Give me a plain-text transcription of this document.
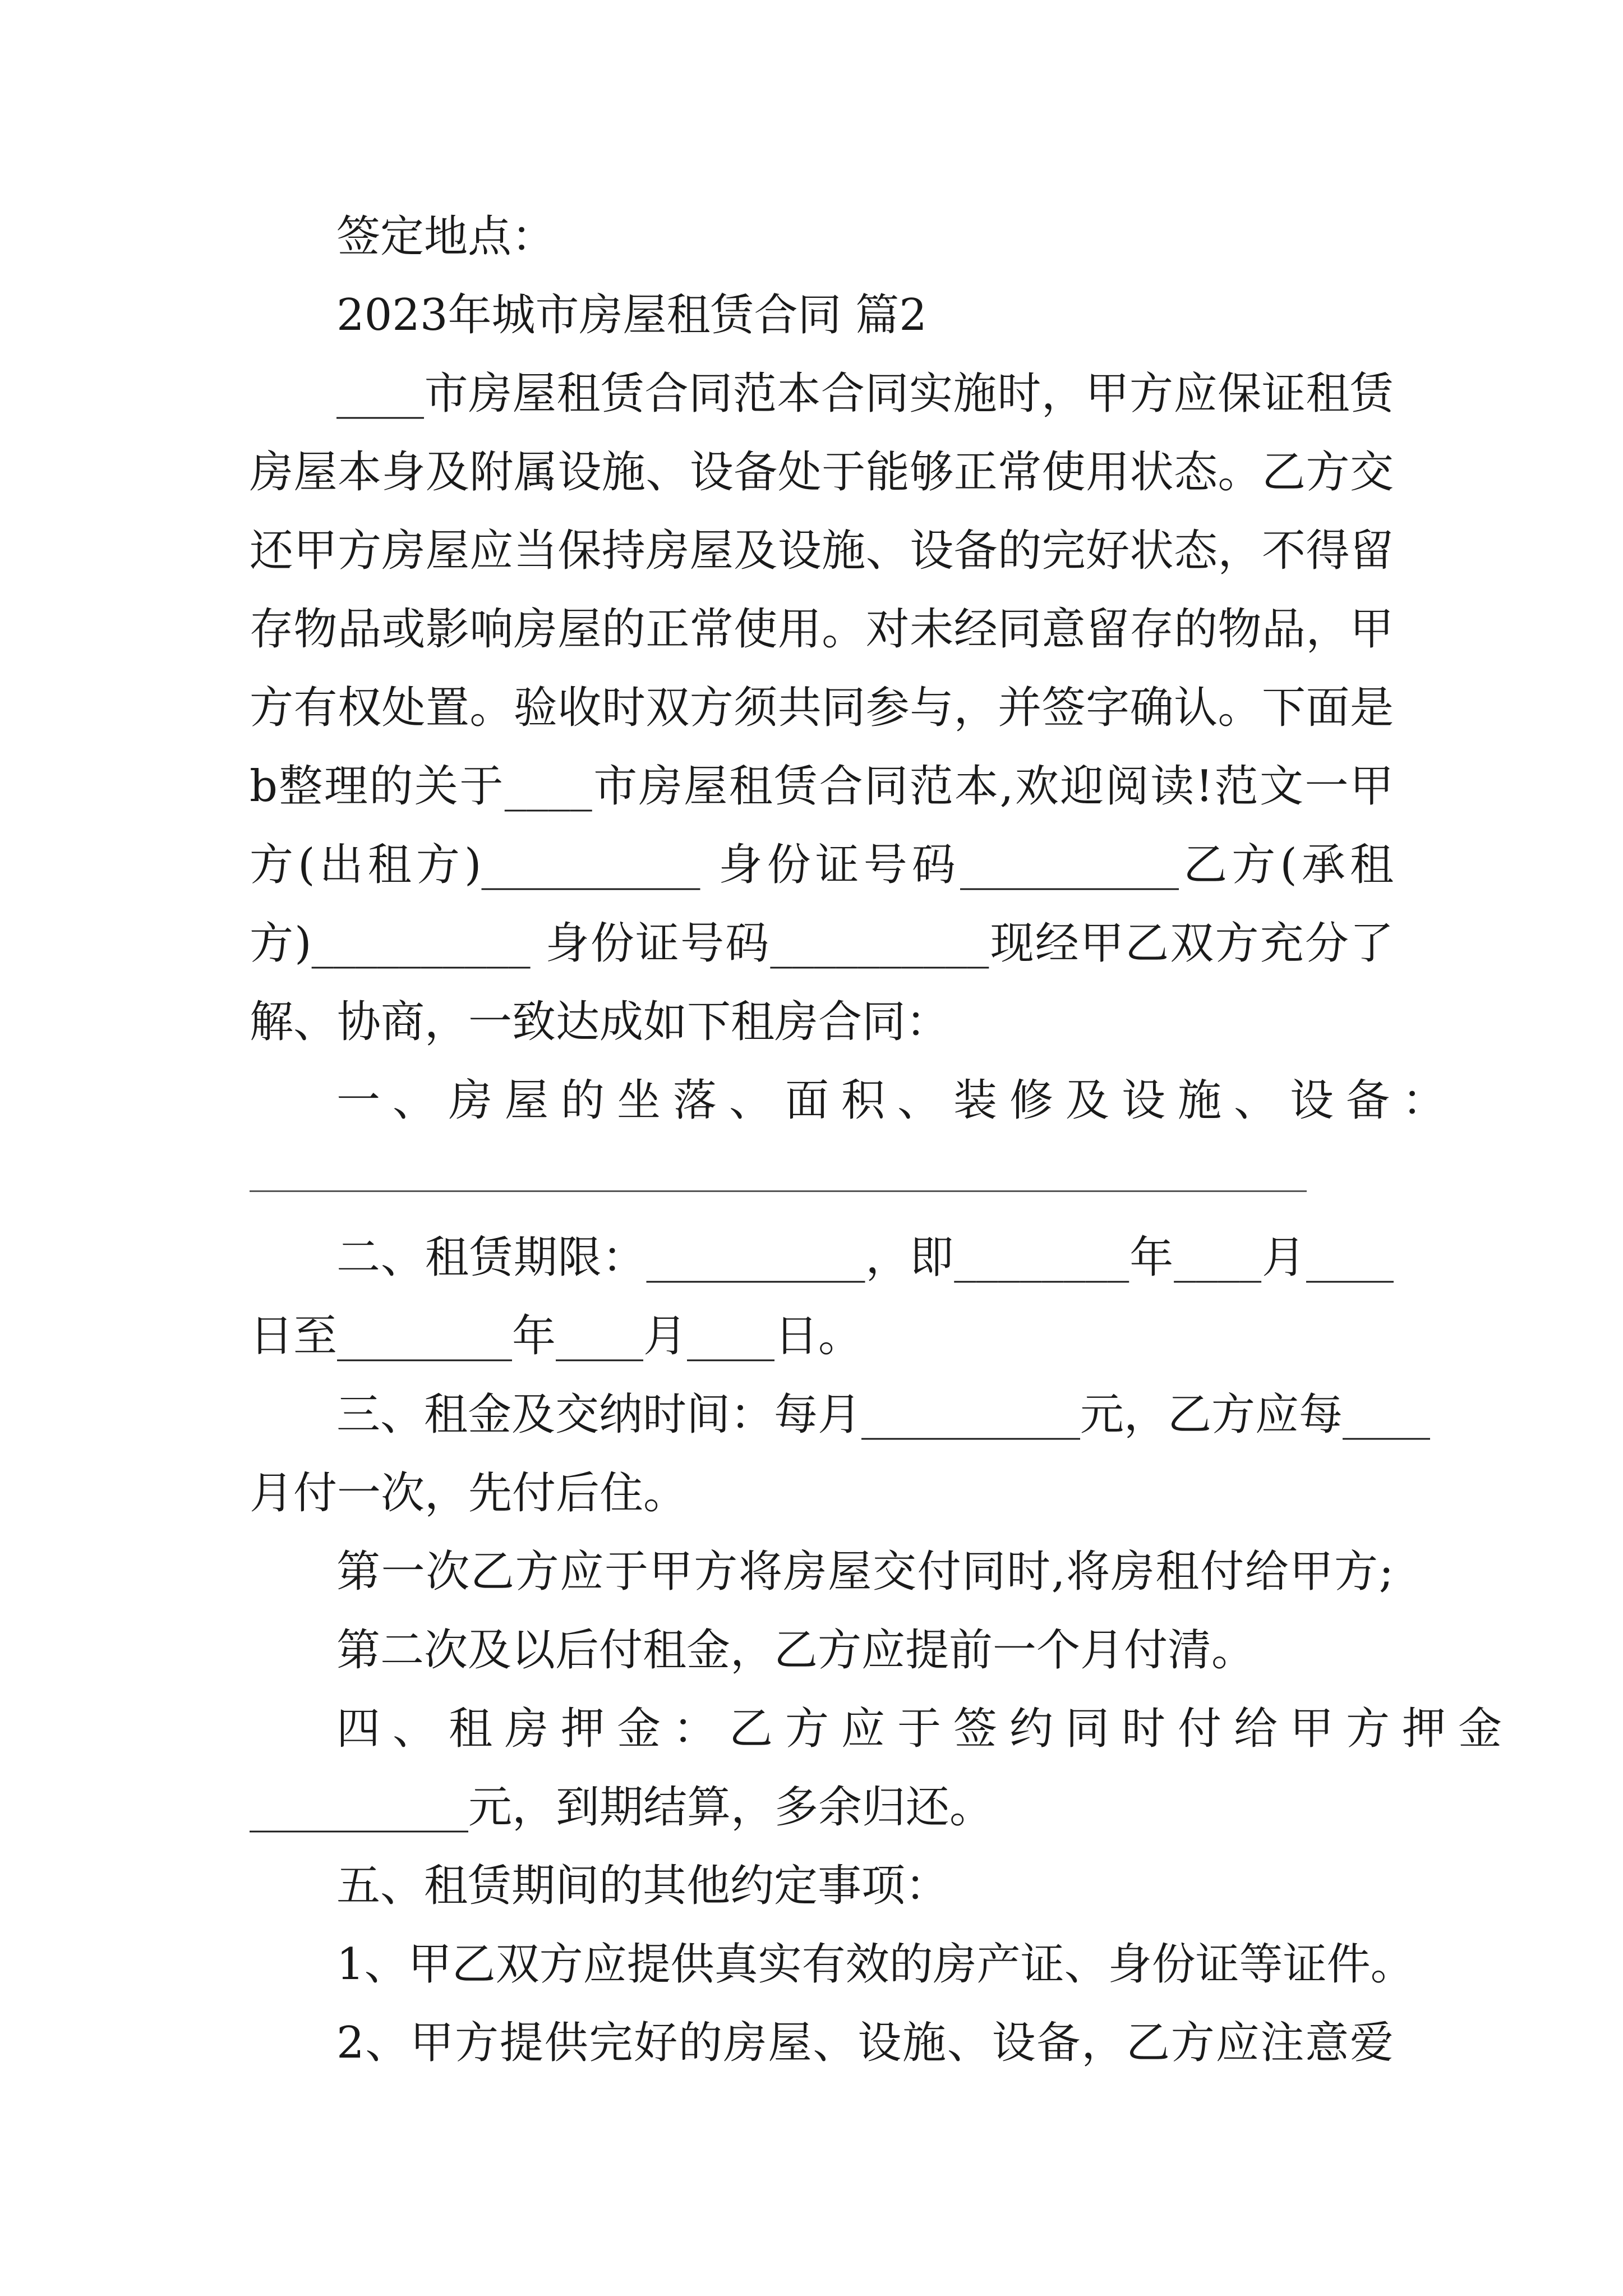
签定地点：
2023年城市房屋租赁合同 篇2
____市房屋租赁合同范本合同实施时，甲方应保证租赁
房屋本身及附属设施、设备处于能够正常使用状态。乙方交
还甲方房屋应当保持房屋及设施、设备的完好状态，不得留
存物品或影响房屋的正常使用。对未经同意留存的物品，甲
方有权处置。验收时双方须共同参与，并签字确认。下面是
b整理的关于____市房屋租赁合同范本,欢迎阅读!范文一甲
方(出租方)__________ 身份证号码__________乙方(承租
方)__________ 身份证号码__________现经甲乙双方充分了
解、协商，一致达成如下租房合同：
一、房屋的坐落、面积、装修及设施、设备：
二、租赁期限：__________，即________年____月____
日至________年____月____日。
三、租金及交纳时间：每月__________元，乙方应每____
月付一次，先付后住。
第一次乙方应于甲方将房屋交付同时,将房租付给甲方;
第二次及以后付租金，乙方应提前一个月付清。
四、租房押金：乙方应于签约同时付给甲方押金
__________元，到期结算，多余归还。
五、租赁期间的其他约定事项：
1、甲乙双方应提供真实有效的房产证、身份证等证件。
2、甲方提供完好的房屋、设施、设备，乙方应注意爱
